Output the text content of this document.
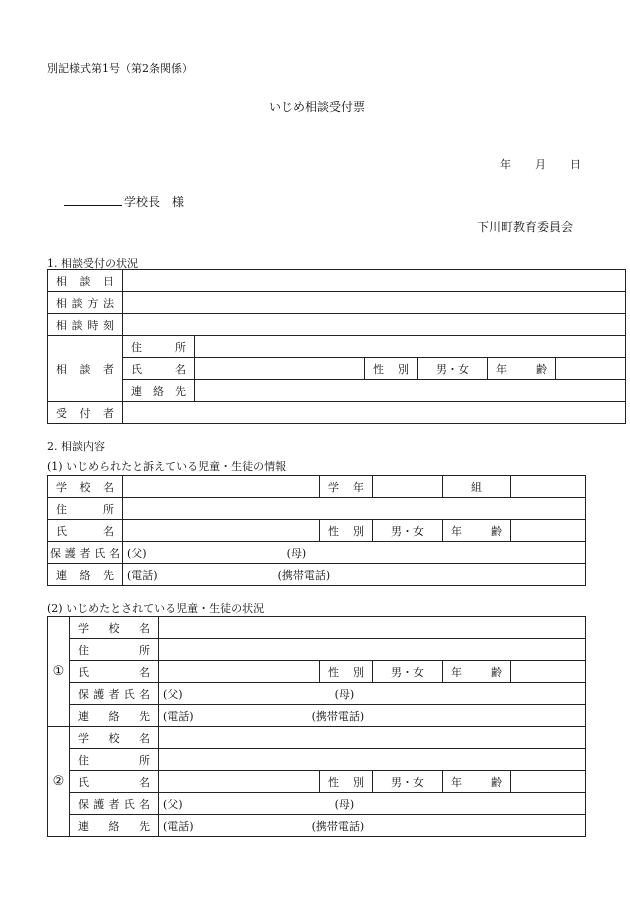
別記様式第1号（第2条関係）
いじめ相談受付票
年 月 日
学校長 様
下川町教育委員会
1. 相談受付の状況
相談日						
相談方法						
相談時刻						
相談者	住所					
	氏名		性別	男・女	年齢	
	連絡先					
受付者						
2. 相談内容
(1) いじめられたと訴えている児童・生徒の情報
学校名		学年		組	
住所					
氏名		性別	男・女	年齢	
保護者氏名	(父) (母)				
連絡先	(電話) (携帯電話)				
(2) いじめたとされている児童・生徒の状況
①	学校名					
	住所					
	氏名		性別	男・女	年齢	
	保護者氏名	(父) (母)				
	連絡先	(電話) (携帯電話)				
②	学校名					
	住所					
	氏名		性別	男・女	年齢	
	保護者氏名	(父) (母)				
	連絡先	(電話) (携帯電話)				
